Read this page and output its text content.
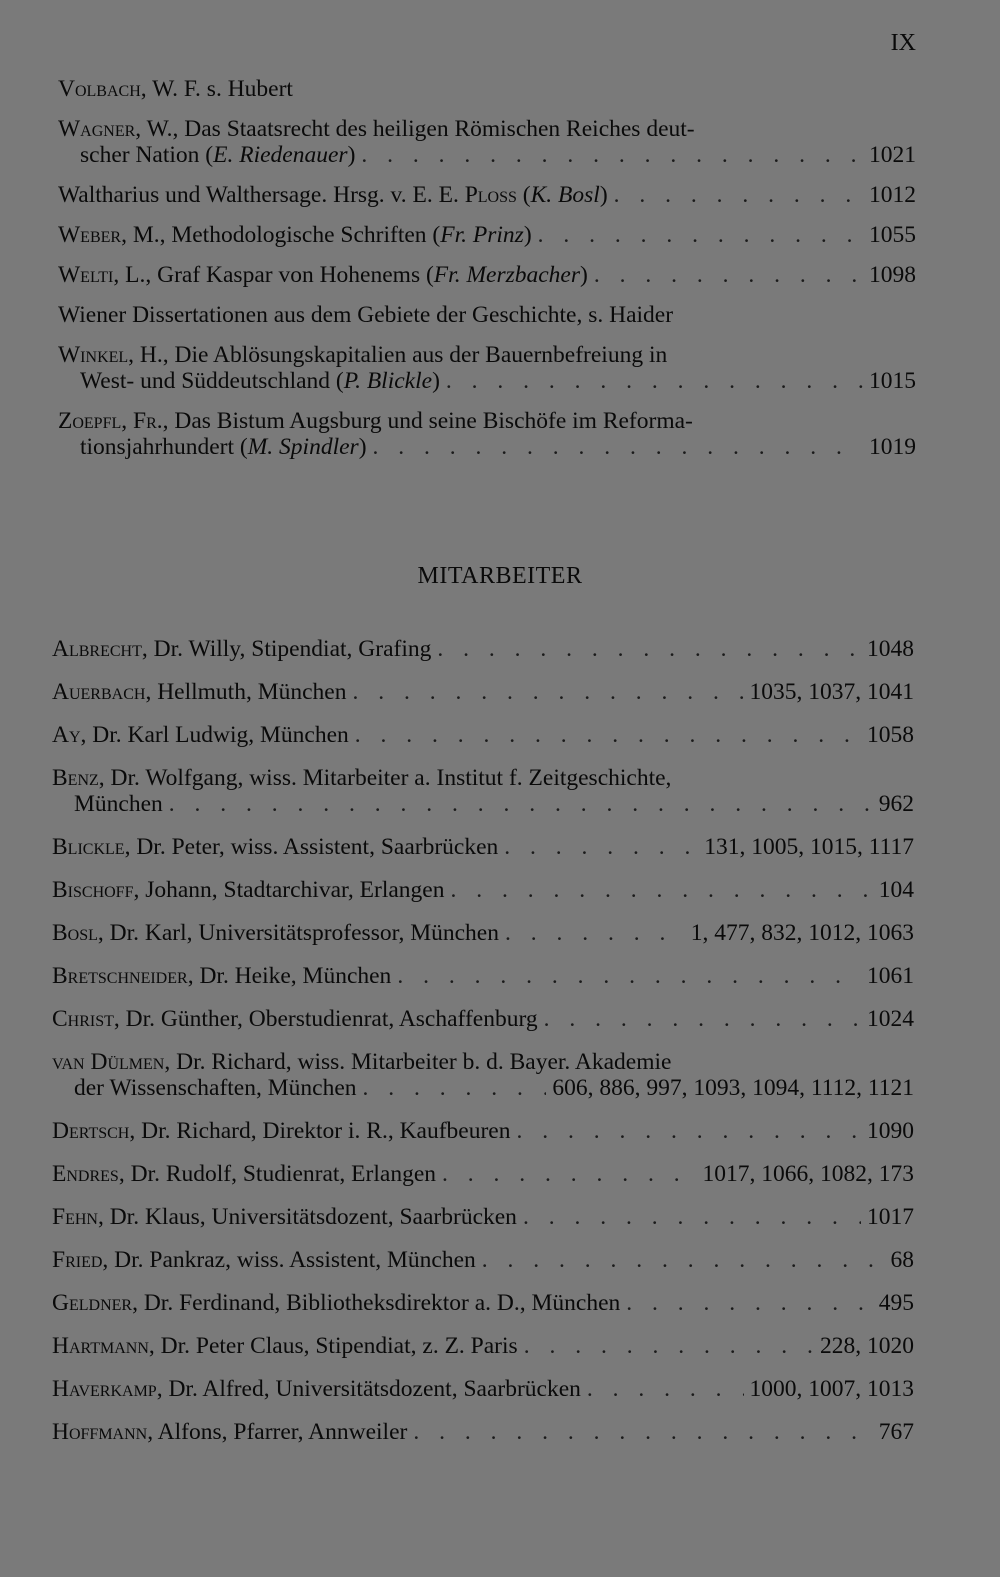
IX
Volbach, W. F. s. Hubert
Wagner, W., Das Staatsrecht des heiligen Römischen Reiches deut-
scher Nation (E. Riedenauer) . . .	1021
Waltharius und Walthersage. Hrsg. v. E. E. Ploss (K. Bosl) . . .	1012
Weber, M., Methodologische Schriften (Fr. Prinz) . . .	1055
Welti, L., Graf Kaspar von Hohenems (Fr. Merzbacher) . . .	1098
Wiener Dissertationen aus dem Gebiete der Geschichte, s. Haider
Winkel, H., Die Ablösungskapitalien aus der Bauernbefreiung in
West- und Süddeutschland (P. Blickle) . . .	1015
Zoepfl, Fr., Das Bistum Augsburg und seine Bischöfe im Reforma-
tionsjahrhundert (M. Spindler) . . .	1019
MITARBEITER
Albrecht, Dr. Willy, Stipendiat, Grafing . . .	1048
Auerbach, Hellmuth, München . . .	1035, 1037, 1041
Ay, Dr. Karl Ludwig, München . . .	1058
Benz, Dr. Wolfgang, wiss. Mitarbeiter a. Institut f. Zeitgeschichte,
München . . .	962
Blickle, Dr. Peter, wiss. Assistent, Saarbrücken . . .	131, 1005, 1015, 1117
Bischoff, Johann, Stadtarchivar, Erlangen . . .	104
Bosl, Dr. Karl, Universitätsprofessor, München . . .	1, 477, 832, 1012, 1063
Bretschneider, Dr. Heike, München . . .	1061
Christ, Dr. Günther, Oberstudienrat, Aschaffenburg . . .	1024
van Dülmen, Dr. Richard, wiss. Mitarbeiter b. d. Bayer. Akademie
der Wissenschaften, München . . .	606, 886, 997, 1093, 1094, 1112, 1121
Dertsch, Dr. Richard, Direktor i. R., Kaufbeuren . . .	1090
Endres, Dr. Rudolf, Studienrat, Erlangen . . .	1017, 1066, 1082, 173
Fehn, Dr. Klaus, Universitätsdozent, Saarbrücken . . .	1017
Fried, Dr. Pankraz, wiss. Assistent, München . . .	68
Geldner, Dr. Ferdinand, Bibliotheksdirektor a. D., München . . .	495
Hartmann, Dr. Peter Claus, Stipendiat, z. Z. Paris . . .	228, 1020
Haverkamp, Dr. Alfred, Universitätsdozent, Saarbrücken . . .	1000, 1007, 1013
Hoffmann, Alfons, Pfarrer, Annweiler . . .	767
